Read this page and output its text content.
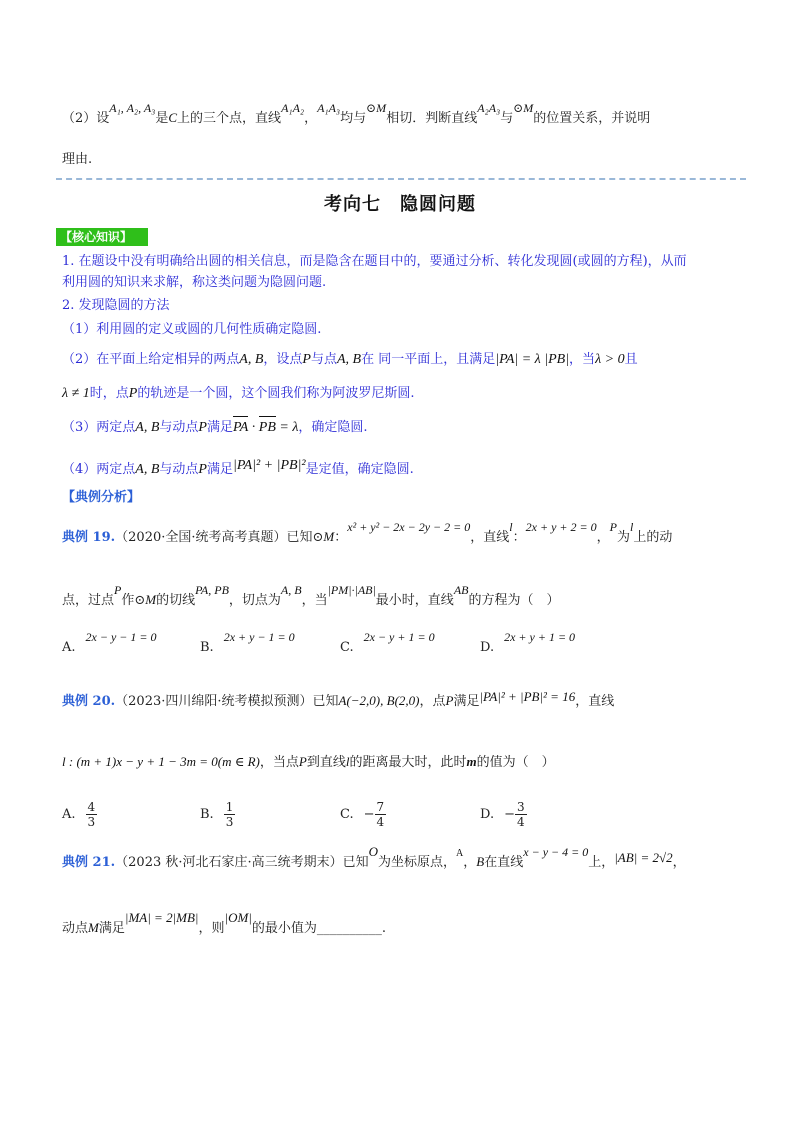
（2）设A₁, A₂, A₃是C上的三个点，直线A₁A₂，A₁A₃均与⊙M相切．判断直线A₂A₃与⊙M的位置关系，并说明
理由.
考向七　隐圆问题
【核心知识】
1. 在题设中没有明确给出圆的相关信息，而是隐含在题目中的，要通过分析、转化发现圆(或圆的方程)，从而
利用圆的知识来求解，称这类问题为隐圆问题.
2. 发现隐圆的方法
（1）利用圆的定义或圆的几何性质确定隐圆.
（2）在平面上给定相异的两点A, B，设点P与点A, B在 同一平面上，且满足|PA| = λ |PB|，当λ > 0且
λ ≠ 1时，点P的轨迹是一个圆，这个圆我们称为阿波罗尼斯圆.
（3）两定点A, B与动点P满足PA · PB = λ，确定隐圆.
（4）两定点A, B与动点P满足|PA|² + |PB|²是定值，确定隐圆.
【典例分析】
典例 19.（2020·全国·统考高考真题）已知⊙M：x² + y² − 2x − 2y − 2 = 0，直线l：2x + y + 2 = 0，P为l上的动
点，过点P作⊙M的切线PA, PB，切点为A, B，当|PM|·|AB|最小时，直线AB的方程为（　）
A.2x − y − 1 = 0
B.2x + y − 1 = 0
C.2x − y + 1 = 0
D.2x + y + 1 = 0
典例 20.（2023·四川绵阳·统考模拟预测）已知A(−2,0), B(2,0)，点P满足|PA|² + |PB|² = 16，直线
l : (m + 1)x − y + 1 − 3m = 0(m ∈ R)，当点P到直线l的距离最大时，此时m的值为（　）
A. $\frac{4}{3}$	B. $\frac{1}{3}$	C. − $\frac{7}{4}$	D. − $\frac{3}{4}$
典例 21.（2023 秋·河北石家庄·高三统考期末）已知O为坐标原点，$^A$，B在直线x − y − 4 = 0上，|AB| = 2√2，
动点M满足|MA| = 2|MB|，则|OM|的最小值为__________.
